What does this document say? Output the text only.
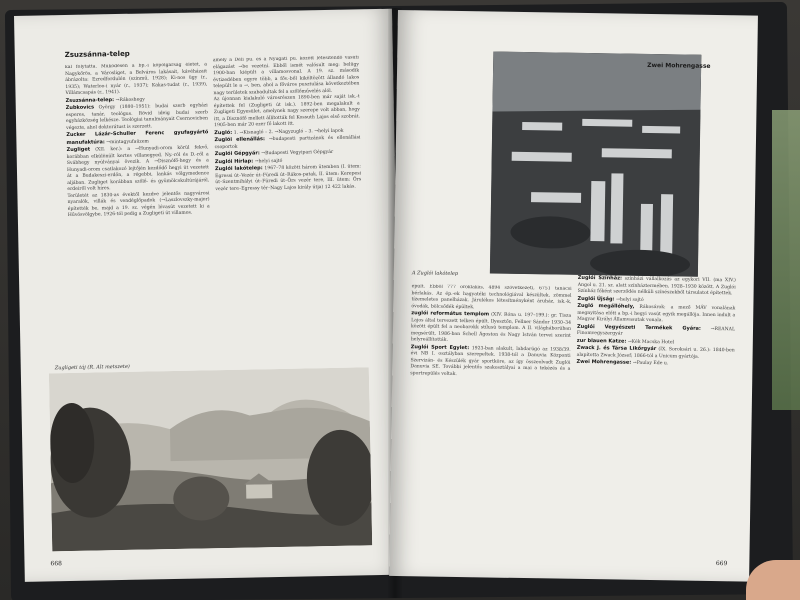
Zsuzsánna-telep

kal folytatta. Működésén a bp.-i köpolgárság életét, a Nagykőrös, a Városliget, a Belváros lakásait, kávéházait ábrázolta: Ezredfordulón (szinmű, 1928); Ki-nos ügy (r., 1935); Waterloo-i nyár (r., 1937); Kakas-tudat (r., 1939), Villámcsapás (r., 1941).

Zsuzsánna-telep: →Rákoshegy

Zubkovics György (1880–1951): budai szerb egyházi esperes, tanár, teológus. Rövid ideig budai szerb egyházközség lelkésze. Teológiai tanulmányait Csernovicben végezte, ahol doktorátust is szerzett.

Zucker Lázár–Schuller Ferenc gyufagyártó manufaktúra: →mintagyufaüzem

Zugliget (XII. ker.): a →Hunyadi-orom körül fekvő, korábban elkülönült kertes villanegyed. Ny.-ról és D.-ről a Svábhegy nyúlványai övezik. A →Disznófő-hegy és a Hunyadi-orom csatlakozó lejtőjén kezdődő hegyi út vezetett át a Budakeszi-erdőn, a régebbi, lankás völgymedence aljában. Zugliget korábban szőlő- és gyümölcskultúrájáról, erdeiről volt híres.

Területét az 1830-as évektől kezdve jelentős nagyvárosi nyaralók, villák és vendéglőpadok (→Laszlovszky-major) építették be, majd a 19. sz. végén lóvasút vezetett ki a Hűvösvölgybe, 1926-tól pedig a Zugligeti út villamos.

amely a Déli pu. és a Nyugati pu. között létesítendő vasúti elágazást →be vezetni. Ebből ismét valósult meg: belügy 1900-ban kiépült a villamosvonal. A 19. sz. második évtizedében egyre több, a főv.-ből kiköltözött állandó lakos települt le a →, ben, ahol a főváros pusztulása következtében nagy területek szabadultak fel a szőlőművelés alól.

Az újonnan kialakuló városrészen 1890-ben már saját isk.-t építettek fel (Zugligeti út isk.). 1892-ben megalakult a Zugligeti Egyesület, amelynek nagy szerepe volt abban, hogy itt, a Disznófő mellett állították fel Kossuth Lajos első szobrát. 1905-ben már 20 ezer fő lakott itt.

Zugló: 1. →Kisnagló – 2. →Nagyzugló – 3. →helyi lapok

Zuglói ellenállás: →budapesti partizánok és ellenállási csoportok

Zuglói Gépgyár: →Budapesti Vegyipari Gépgyár

Zuglói Hírlap: →helyi sajtó

Zuglói lakótelep: 1967–78 között három ütemben (I. ütem: Egressi út–Vezér út–Füredi út–Rákos-patak, II. ütem: Kerepesi út–Szentmihályi út–Füredi út–Örs vezér tere, III. ütem: Örs vezér tere–Egressy tér–Nagy Lajos király útja) 12 422 lakás.

Zugligeti táj (R. Alt metszete)
668
Zwei Mohrengasse
A Zuglói lakótelep

épült. Ebből 777 öröklakás, 4894 szövetkezeti, 6751 tanácsi bérlakás. Az ép.-ek hagyatéki technológiával készültek, zömmel tízemeletes panelházak. Járulékos létesítményként áruház, isk.-k, óvodák, bölcsődék épültek.

zuglói református templom (XIV. Róna u. 197–199.): gr. Tisza Lajos által tervezett telken épült. Ilyesztőn, Fellner Sándor 1930–34 között épült fel a neobarokk stílusú templom. A II. világháborúban megsérült, 1986-ban Schell Ágoston és Nagy István tervei szerint helyreállították.

Zuglói Sport Egylet: 1923-ban alakult, labdarúgó az 1938/39. évi NB I. osztályban szerepeltek. 1938-tól a Danuvia Központi Szervizán- és Készülék gyár sportköre, az így összeolvadt Zuglói Danuvia SE. További jelentős szakosztályai a mai a tekézés és a sportrepülés voltak.

Zuglói Színház: színházi vállalkozás az egykori VII. (ma XIV.) Angol u. 21. sz. alatt színháztermében, 1928–1930 között. A Zuglói Színház főként szerződés nélküli színészekből társulatot építettek.

Zuglói Újság: →helyi sajtó

Zugló megállóhely, Rákosárok: a mező MÁV vonalának megnyitása előtt a bp.-i hegyi vasút egyik megállója. Innen indult a Magyar Királyi Államvasutak vonala.

Zuglói Vegyészeti Termékek Gyára: →REANAL Finomvegyszergyár

zur blauen Katze: →Kék Macska Hotel

Zwack J. és Társa Likőrgyár (IX. Soroksári u. 26.): 1840-ben alapította Zwack József; 1866-tól a Unicum gyártója.

Zwei Mohrengasse: →Paulay Ede u.

669
